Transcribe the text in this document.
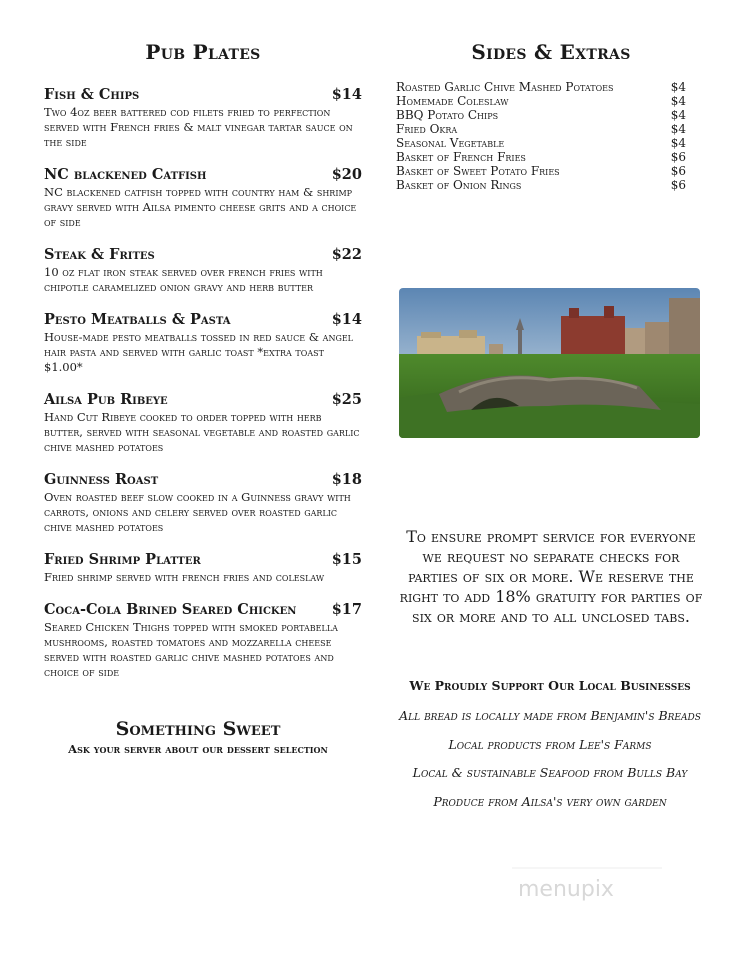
Pub Plates
Fish & Chips	$14
Two 4oz beer battered cod filets fried to perfection served with French fries & malt vinegar tartar sauce on the side
NC blackened Catfish	$20
NC blackened catfish topped with country ham & shrimp gravy served with Ailsa pimento cheese grits and a choice of side
Steak & Frites	$22
10 oz flat iron steak served over french fries with chipotle caramelized onion gravy and herb butter
Pesto Meatballs & Pasta	$14
House-made pesto meatballs tossed in red sauce & angel hair pasta and served with garlic toast *extra toast $1.00*
Ailsa Pub Ribeye	$25
Hand Cut Ribeye cooked to order topped with herb butter, served with seasonal vegetable and roasted garlic chive mashed potatoes
Guinness Roast	$18
Oven roasted beef slow cooked in a Guinness gravy with carrots, onions and celery served over roasted garlic chive mashed potatoes
Fried Shrimp Platter	$15
Fried shrimp served with french fries and coleslaw
Coca-Cola Brined Seared Chicken $17
Seared Chicken Thighs topped with smoked portabella mushrooms, roasted tomatoes and mozzarella cheese served with roasted garlic chive mashed potatoes and choice of side
Sides & Extras
Roasted Garlic Chive Mashed Potatoes	$4
Homemade Coleslaw	$4
BBQ Potato Chips	$4
Fried Okra	$4
Seasonal Vegetable	$4
Basket of French Fries	$6
Basket of Sweet Potato Fries	$6
Basket of Onion Rings	$6
To ensure prompt service for everyone we request no separate checks for parties of six or more. We reserve the right to add 18% gratuity for parties of six or more and to all unclosed tabs.
We Proudly Support Our Local Businesses
All bread is locally made from Benjamin's Breads
Local products from Lee's Farms
Local & sustainable Seafood from Bulls Bay
Produce from Ailsa's very own garden
Something Sweet
Ask your server about our dessert selection
menupix
